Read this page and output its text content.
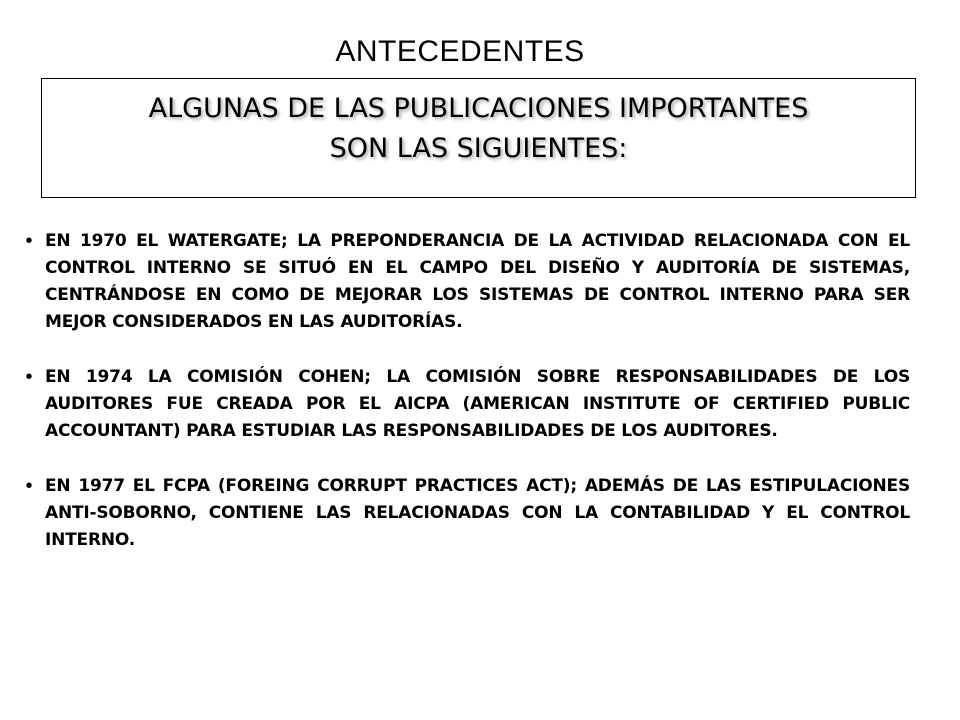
ANTECEDENTES
ALGUNAS DE LAS PUBLICACIONES IMPORTANTES
SON LAS SIGUIENTES:
• EN 1970 EL WATERGATE; LA PREPONDERANCIA DE LA ACTIVIDAD RELACIONADA CON EL CONTROL INTERNO SE SITUÓ EN EL CAMPO DEL DISEÑO Y AUDITORÍA DE SISTEMAS, CENTRÁNDOSE EN COMO DE MEJORAR LOS SISTEMAS DE CONTROL INTERNO PARA SER MEJOR CONSIDERADOS EN LAS AUDITORÍAS.
• EN 1974 LA COMISIÓN COHEN; LA COMISIÓN SOBRE RESPONSABILIDADES DE LOS AUDITORES FUE CREADA POR EL AICPA (AMERICAN INSTITUTE OF CERTIFIED PUBLIC ACCOUNTANT) PARA ESTUDIAR LAS RESPONSABILIDADES DE LOS AUDITORES.
• EN 1977 EL FCPA (FOREING CORRUPT PRACTICES ACT); ADEMÁS DE LAS ESTIPULACIONES ANTI-SOBORNO, CONTIENE LAS RELACIONADAS CON LA CONTABILIDAD Y EL CONTROL INTERNO.
